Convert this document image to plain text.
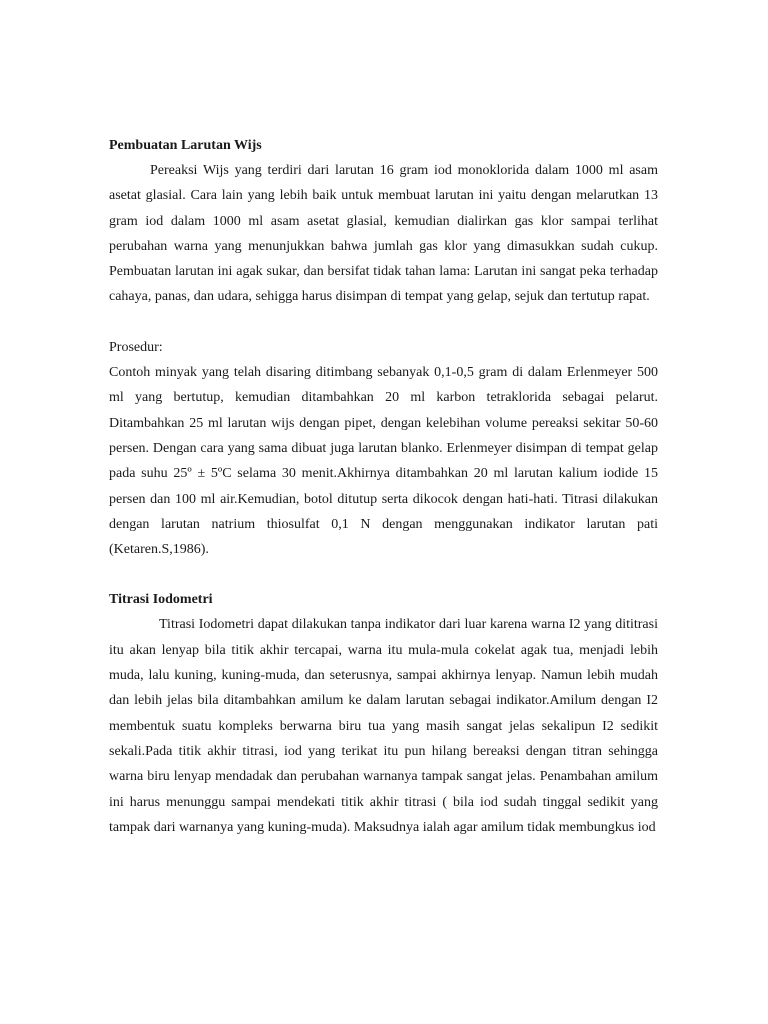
Pembuatan Larutan Wijs

Pereaksi Wijs yang terdiri dari larutan 16 gram iod monoklorida dalam 1000 ml asam asetat glasial. Cara lain yang lebih baik untuk membuat larutan ini yaitu dengan melarutkan 13 gram iod dalam 1000 ml asam asetat glasial, kemudian dialirkan gas klor sampai terlihat perubahan warna yang menunjukkan bahwa jumlah gas klor yang dimasukkan sudah cukup. Pembuatan larutan ini agak sukar, dan bersifat tidak tahan lama: Larutan ini sangat peka terhadap cahaya, panas, dan udara, sehigga harus disimpan di tempat yang gelap, sejuk dan tertutup rapat.

Prosedur:

Contoh minyak yang telah disaring ditimbang sebanyak 0,1-0,5 gram di dalam Erlenmeyer 500 ml yang bertutup, kemudian ditambahkan 20 ml karbon tetraklorida sebagai pelarut. Ditambahkan 25 ml larutan wijs dengan pipet, dengan kelebihan volume pereaksi sekitar 50-60 persen. Dengan cara yang sama dibuat juga larutan blanko. Erlenmeyer disimpan di tempat gelap pada suhu 25º ± 5ºC selama 30 menit.Akhirnya ditambahkan 20 ml larutan kalium iodide 15 persen dan 100 ml air.Kemudian, botol ditutup serta dikocok dengan hati-hati. Titrasi dilakukan dengan larutan natrium thiosulfat 0,1 N dengan menggunakan indikator larutan pati (Ketaren.S,1986).

Titrasi Iodometri

Titrasi Iodometri dapat dilakukan tanpa indikator dari luar karena warna I2 yang dititrasi itu akan lenyap bila titik akhir tercapai, warna itu mula-mula cokelat agak tua, menjadi lebih muda, lalu kuning, kuning-muda, dan seterusnya, sampai akhirnya lenyap. Namun lebih mudah dan lebih jelas bila ditambahkan amilum ke dalam larutan sebagai indikator.Amilum dengan I2 membentuk suatu kompleks berwarna biru tua yang masih sangat jelas sekalipun I2 sedikit sekali.Pada titik akhir titrasi, iod yang terikat itu pun hilang bereaksi dengan titran sehingga warna biru lenyap mendadak dan perubahan warnanya tampak sangat jelas. Penambahan amilum ini harus menunggu sampai mendekati titik akhir titrasi ( bila iod sudah tinggal sedikit yang tampak dari warnanya yang kuning-muda). Maksudnya ialah agar amilum tidak membungkus iod
